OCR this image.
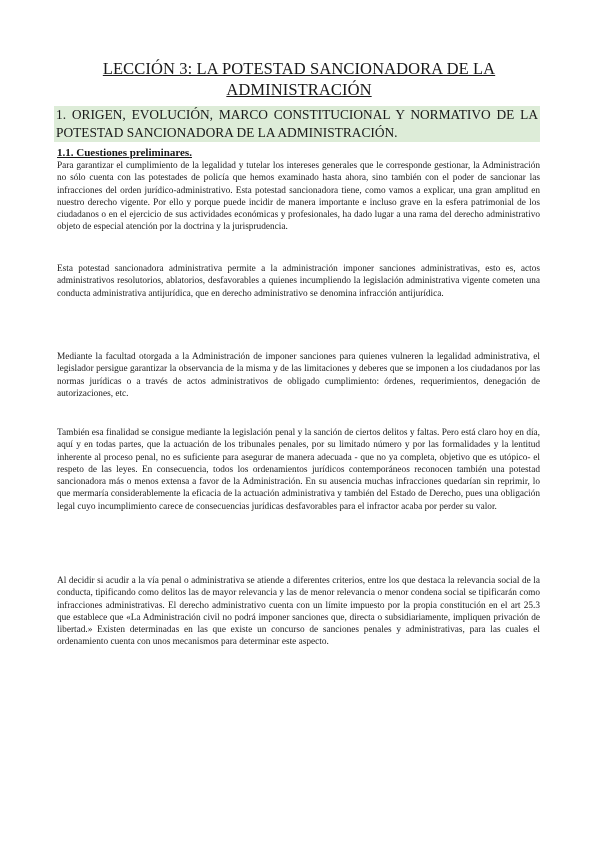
LECCIÓN 3: LA POTESTAD SANCIONADORA DE LA ADMINISTRACIÓN
1. ORIGEN, EVOLUCIÓN, MARCO CONSTITUCIONAL Y NORMATIVO DE LA POTESTAD SANCIONADORA DE LA ADMINISTRACIÓN.
1.1. Cuestiones preliminares.

Para garantizar el cumplimiento de la legalidad y tutelar los intereses generales que le corresponde gestionar, la Administración no sólo cuenta con las potestades de policía que hemos examinado hasta ahora, sino también con el poder de sancionar las infracciones del orden jurídico-administrativo. Esta potestad sancionadora tiene, como vamos a explicar, una gran amplitud en nuestro derecho vigente. Por ello y porque puede incidir de manera importante e incluso grave en la esfera patrimonial de los ciudadanos o en el ejercicio de sus actividades económicas y profesionales, ha dado lugar a una rama del derecho administrativo objeto de especial atención por la doctrina y la jurisprudencia.

Esta potestad sancionadora administrativa permite a la administración imponer sanciones administrativas, esto es, actos administrativos resolutorios, ablatorios, desfavorables a quienes incumpliendo la legislación administrativa vigente cometen una conducta administrativa antijurídica, que en derecho administrativo se denomina infracción antijurídica.

Mediante la facultad otorgada a la Administración de imponer sanciones para quienes vulneren la legalidad administrativa, el legislador persigue garantizar la observancia de la misma y de las limitaciones y deberes que se imponen a los ciudadanos por las normas jurídicas o a través de actos administrativos de obligado cumplimiento: órdenes, requerimientos, denegación de autorizaciones, etc.

También esa finalidad se consigue mediante la legislación penal y la sanción de ciertos delitos y faltas. Pero está claro hoy en día, aquí y en todas partes, que la actuación de los tribunales penales, por su limitado número y por las formalidades y la lentitud inherente al proceso penal, no es suficiente para asegurar de manera adecuada - que no ya completa, objetivo que es utópico- el respeto de las leyes. En consecuencia, todos los ordenamientos jurídicos contemporáneos reconocen también una potestad sancionadora más o menos extensa a favor de la Administración. En su ausencia muchas infracciones quedarían sin reprimir, lo que mermaría considerablemente la eficacia de la actuación administrativa y también del Estado de Derecho, pues una obligación legal cuyo incumplimiento carece de consecuencias jurídicas desfavorables para el infractor acaba por perder su valor.

Al decidir si acudir a la vía penal o administrativa se atiende a diferentes criterios, entre los que destaca la relevancia social de la conducta, tipificando como delitos las de mayor relevancia y las de menor relevancia o menor condena social se tipificarán como infracciones administrativas. El derecho administrativo cuenta con un límite impuesto por la propia constitución en el art 25.3 que establece que «La Administración civil no podrá imponer sanciones que, directa o subsidiariamente, impliquen privación de libertad.» Existen determinadas en las que existe un concurso de sanciones penales y administrativas, para las cuales el ordenamiento cuenta con unos mecanismos para determinar este aspecto.
